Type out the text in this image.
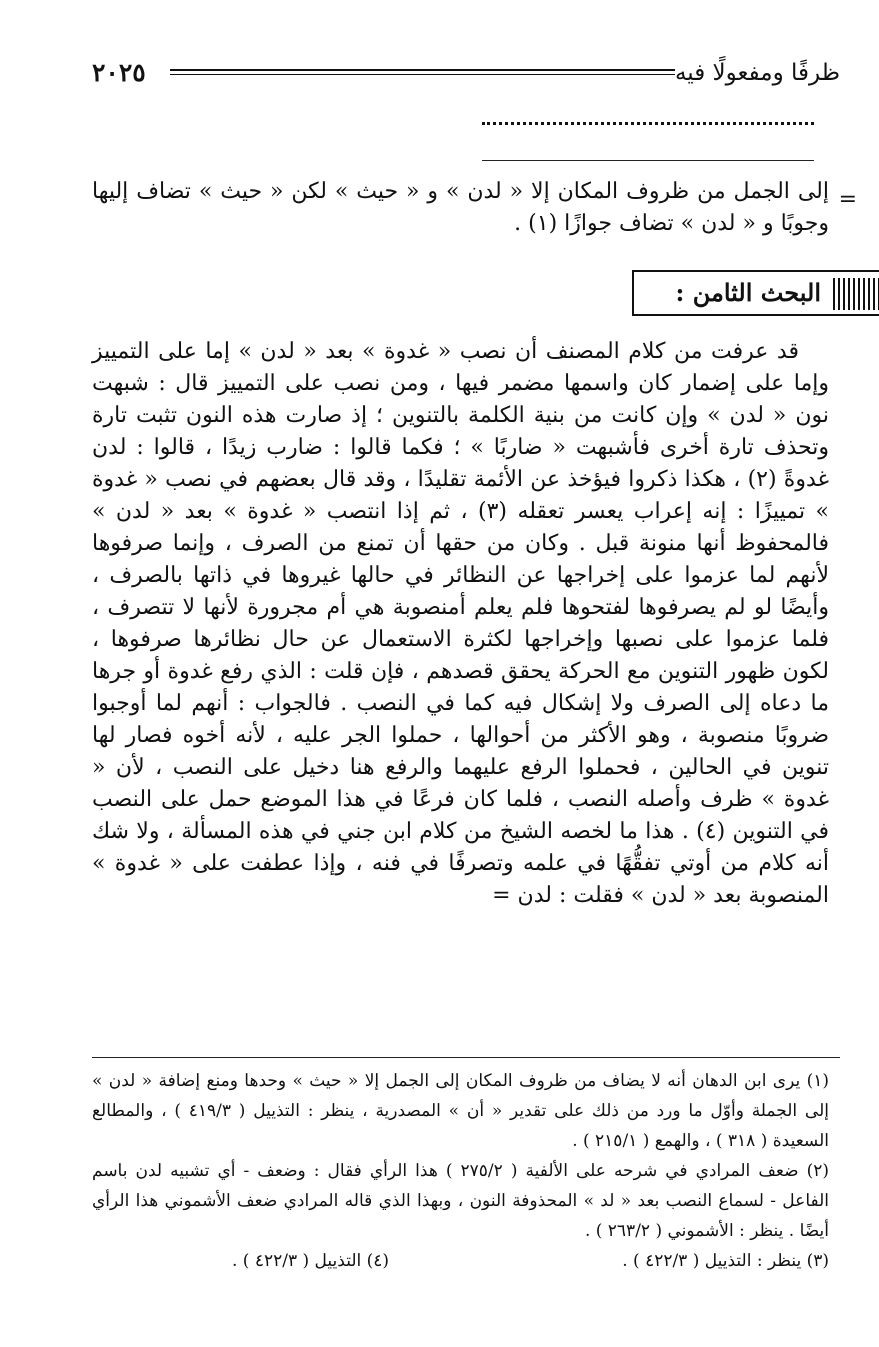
ظرفًا ومفعولًا فيه
٢٠٢٥
=
إلى الجمل من ظروف المكان إلا « لدن » و « حيث » لكن « حيث » تضاف إليها وجوبًا و « لدن » تضاف جوازًا (١) .
البحث الثامن :
قد عرفت من كلام المصنف أن نصب « غدوة » بعد « لدن » إما على التمييز وإما على إضمار كان واسمها مضمر فيها ، ومن نصب على التمييز قال : شبهت نون « لدن » وإن كانت من بنية الكلمة بالتنوين ؛ إذ صارت هذه النون تثبت تارة وتحذف تارة أخرى فأشبهت « ضاربًا » ؛ فكما قالوا : ضارب زيدًا ، قالوا : لدن غدوةً (٢) ، هكذا ذكروا فيؤخذ عن الأئمة تقليدًا ، وقد قال بعضهم في نصب « غدوة » تمييزًا : إنه إعراب يعسر تعقله (٣) ، ثم إذا انتصب « غدوة » بعد « لدن » فالمحفوظ أنها منونة قبل . وكان من حقها أن تمنع من الصرف ، وإنما صرفوها لأنهم لما عزموا على إخراجها عن النظائر في حالها غيروها في ذاتها بالصرف ، وأيضًا لو لم يصرفوها لفتحوها فلم يعلم أمنصوبة هي أم مجرورة لأنها لا تتصرف ، فلما عزموا على نصبها وإخراجها لكثرة الاستعمال عن حال نظائرها صرفوها ، لكون ظهور التنوين مع الحركة يحقق قصدهم ، فإن قلت : الذي رفع غدوة أو جرها ما دعاه إلى الصرف ولا إشكال فيه كما في النصب . فالجواب : أنهم لما أوجبوا ضروبًا منصوبة ، وهو الأكثر من أحوالها ، حملوا الجر عليه ، لأنه أخوه فصار لها تنوين في الحالين ، فحملوا الرفع عليهما والرفع هنا دخيل على النصب ، لأن « غدوة » ظرف وأصله النصب ، فلما كان فرعًا في هذا الموضع حمل على النصب في التنوين (٤) . هذا ما لخصه الشيخ من كلام ابن جني في هذه المسألة ، ولا شك أنه كلام من أوتي تفقُّهًا في علمه وتصرفًا في فنه ، وإذا عطفت على « غدوة » المنصوبة بعد « لدن » فقلت : لدن =

(١) يرى ابن الدهان أنه لا يضاف من ظروف المكان إلى الجمل إلا « حيث » وحدها ومنع إضافة « لدن » إلى الجملة وأوّل ما ورد من ذلك على تقدير « أن » المصدرية ، ينظر : التذييل ( ٤١٩/٣ ) ، والمطالع السعيدة ( ٣١٨ ) ، والهمع ( ٢١٥/١ ) .

(٢) ضعف المرادي في شرحه على الألفية ( ٢٧٥/٢ ) هذا الرأي فقال : وضعف - أي تشبيه لدن باسم الفاعل - لسماع النصب بعد « لد » المحذوفة النون ، وبهذا الذي قاله المرادي ضعف الأشموني هذا الرأي أيضًا . ينظر : الأشموني ( ٢٦٣/٢ ) .

(٣) ينظر : التذييل ( ٤٢٢/٣ ) .
(٤) التذييل ( ٤٢٢/٣ ) .
